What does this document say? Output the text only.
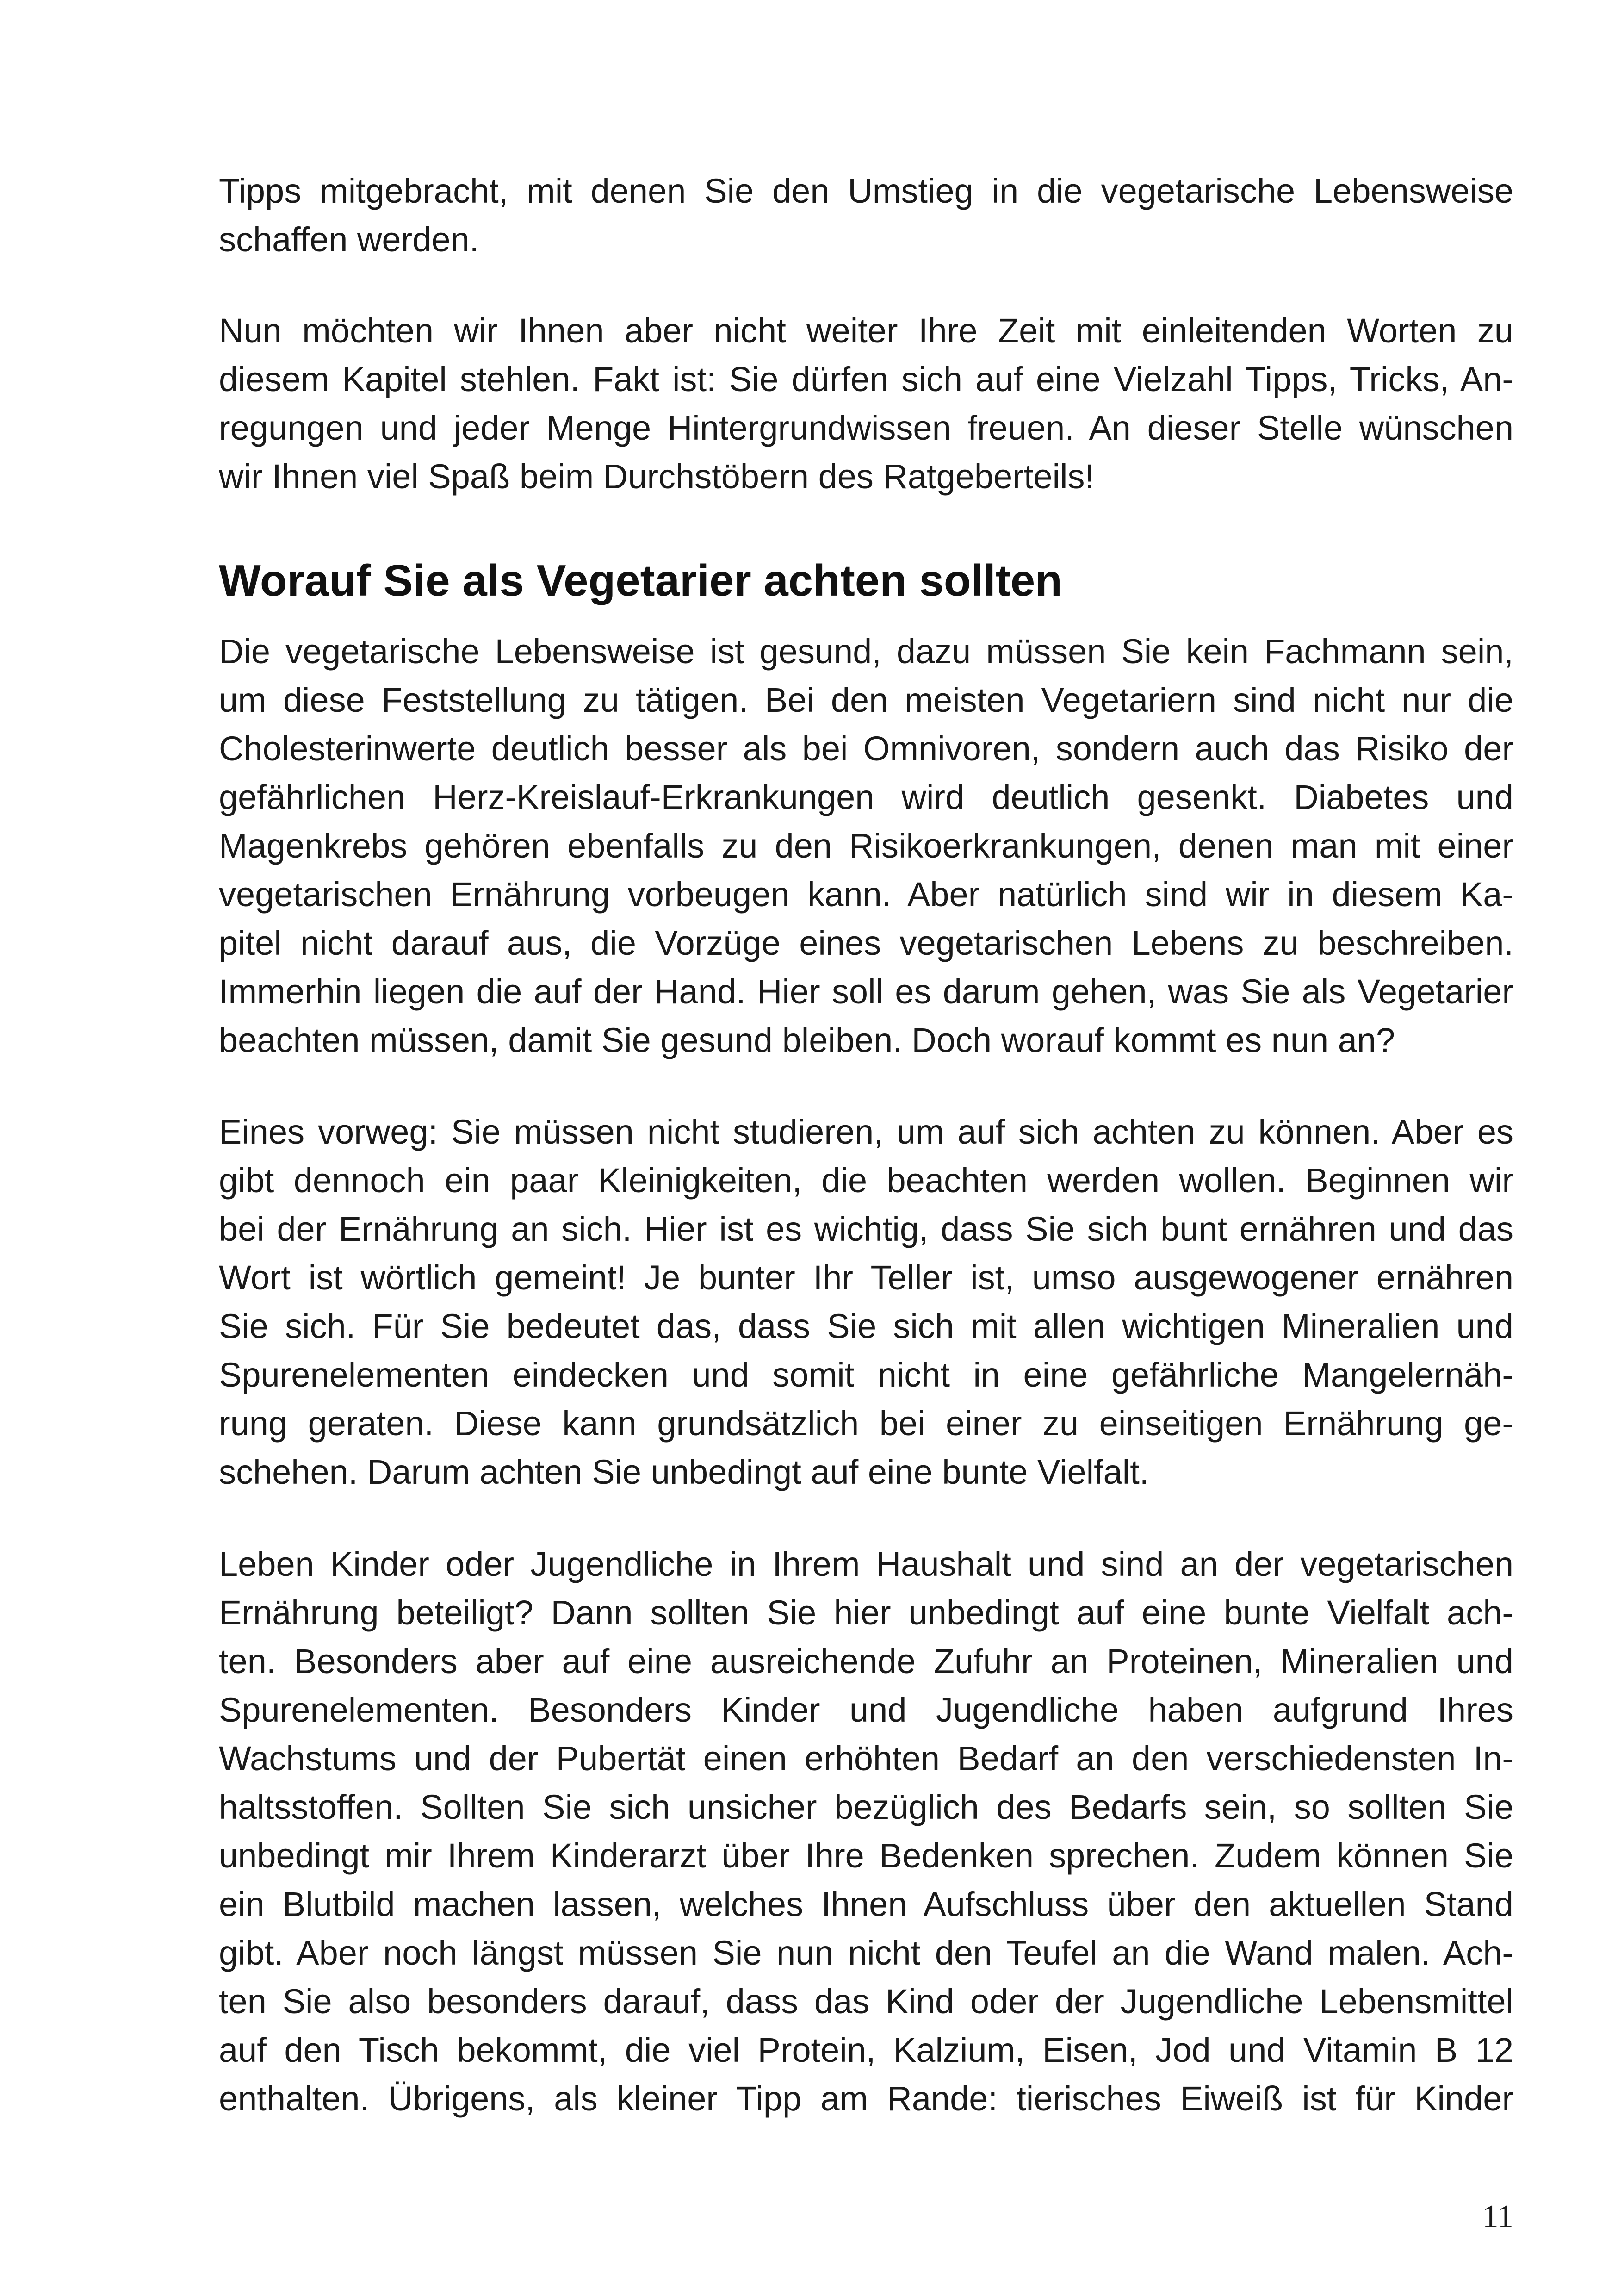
Tipps mitgebracht, mit denen Sie den Umstieg in die vegetarische Lebensweise
schaffen werden.
Nun möchten wir Ihnen aber nicht weiter Ihre Zeit mit einleitenden Worten zu
diesem Kapitel stehlen. Fakt ist: Sie dürfen sich auf eine Vielzahl Tipps, Tricks, An-
regungen und jeder Menge Hintergrundwissen freuen. An dieser Stelle wünschen
wir Ihnen viel Spaß beim Durchstöbern des Ratgeberteils!
Worauf Sie als Vegetarier achten sollten
Die vegetarische Lebensweise ist gesund, dazu müssen Sie kein Fachmann sein,
um diese Feststellung zu tätigen. Bei den meisten Vegetariern sind nicht nur die
Cholesterinwerte deutlich besser als bei Omnivoren, sondern auch das Risiko der
gefährlichen Herz-Kreislauf-Erkrankungen wird deutlich gesenkt. Diabetes und
Magenkrebs gehören ebenfalls zu den Risikoerkrankungen, denen man mit einer
vegetarischen Ernährung vorbeugen kann. Aber natürlich sind wir in diesem Ka-
pitel nicht darauf aus, die Vorzüge eines vegetarischen Lebens zu beschreiben.
Immerhin liegen die auf der Hand. Hier soll es darum gehen, was Sie als Vegetarier
beachten müssen, damit Sie gesund bleiben. Doch worauf kommt es nun an?
Eines vorweg: Sie müssen nicht studieren, um auf sich achten zu können. Aber es
gibt dennoch ein paar Kleinigkeiten, die beachten werden wollen. Beginnen wir
bei der Ernährung an sich. Hier ist es wichtig, dass Sie sich bunt ernähren und das
Wort ist wörtlich gemeint! Je bunter Ihr Teller ist, umso ausgewogener ernähren
Sie sich. Für Sie bedeutet das, dass Sie sich mit allen wichtigen Mineralien und
Spurenelementen eindecken und somit nicht in eine gefährliche Mangelernäh-
rung geraten. Diese kann grundsätzlich bei einer zu einseitigen Ernährung ge-
schehen. Darum achten Sie unbedingt auf eine bunte Vielfalt.
Leben Kinder oder Jugendliche in Ihrem Haushalt und sind an der vegetarischen
Ernährung beteiligt? Dann sollten Sie hier unbedingt auf eine bunte Vielfalt ach-
ten. Besonders aber auf eine ausreichende Zufuhr an Proteinen, Mineralien und
Spurenelementen. Besonders Kinder und Jugendliche haben aufgrund Ihres
Wachstums und der Pubertät einen erhöhten Bedarf an den verschiedensten In-
haltsstoffen. Sollten Sie sich unsicher bezüglich des Bedarfs sein, so sollten Sie
unbedingt mir Ihrem Kinderarzt über Ihre Bedenken sprechen. Zudem können Sie
ein Blutbild machen lassen, welches Ihnen Aufschluss über den aktuellen Stand
gibt. Aber noch längst müssen Sie nun nicht den Teufel an die Wand malen. Ach-
ten Sie also besonders darauf, dass das Kind oder der Jugendliche Lebensmittel
auf den Tisch bekommt, die viel Protein, Kalzium, Eisen, Jod und Vitamin B 12
enthalten. Übrigens, als kleiner Tipp am Rande: tierisches Eiweiß ist für Kinder
11
